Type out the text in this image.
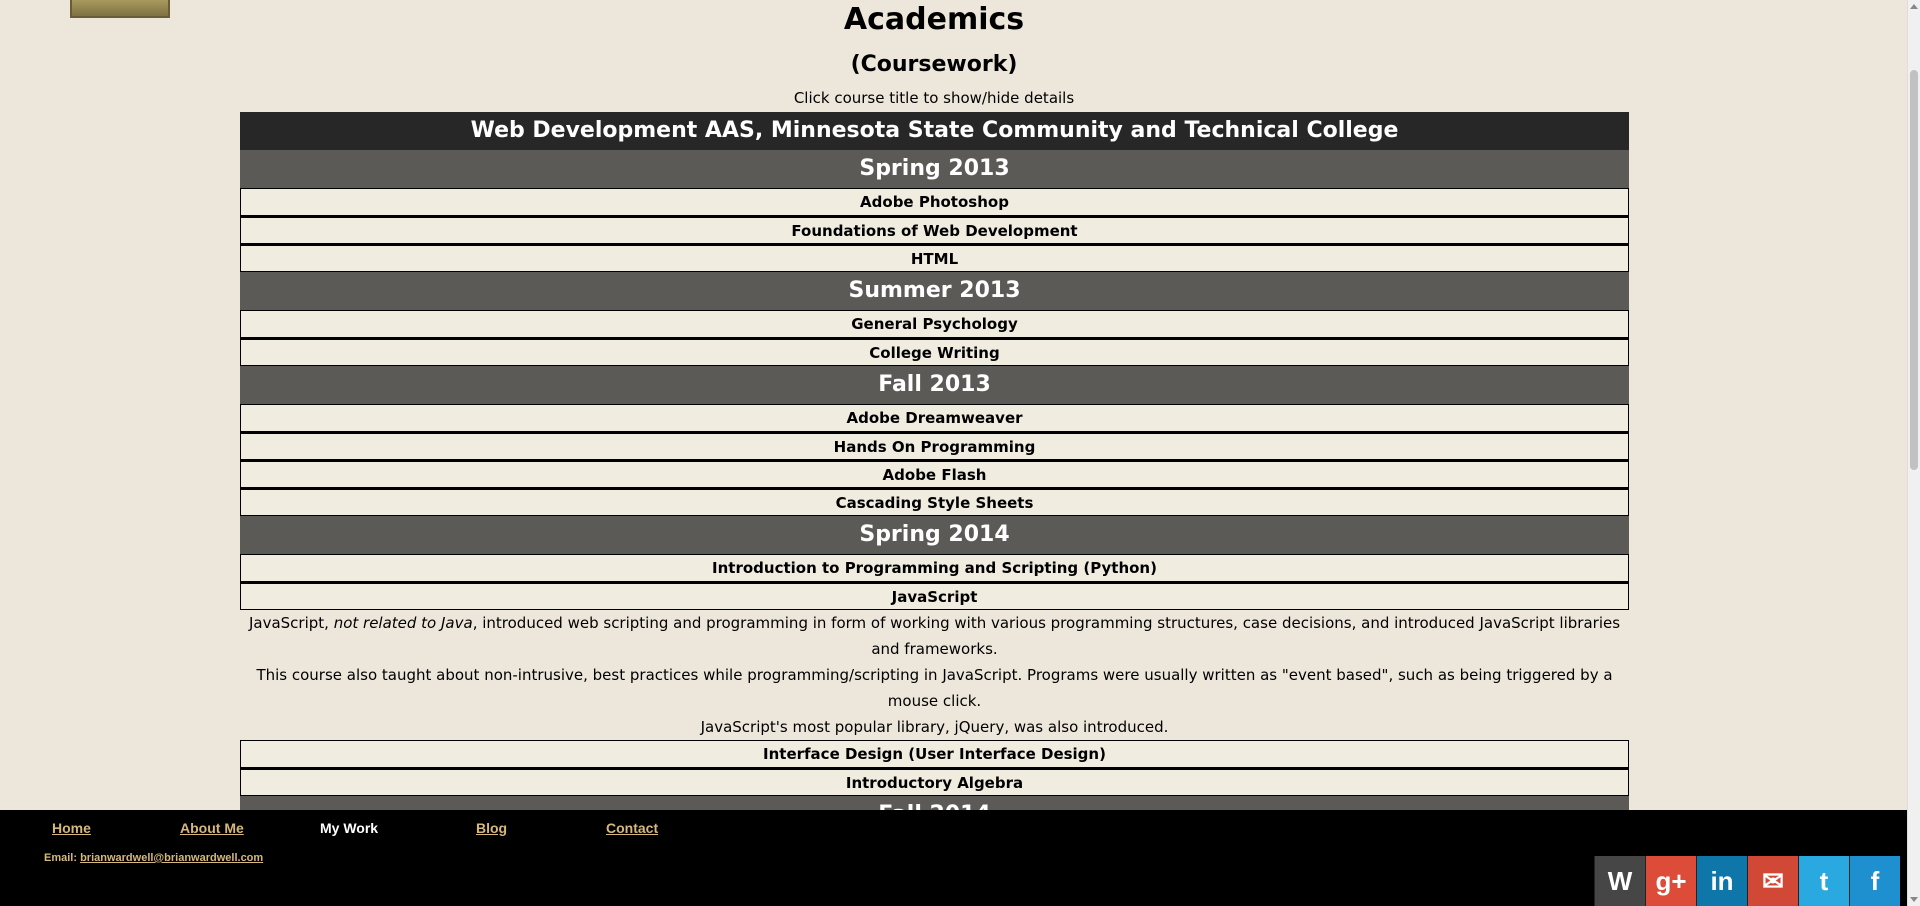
Academics
(Coursework)
Click course title to show/hide details
Web Development AAS, Minnesota State Community and Technical College
Spring 2013
Adobe Photoshop
Foundations of Web Development
HTML
Summer 2013
General Psychology
College Writing
Fall 2013
Adobe Dreamweaver
Hands On Programming
Adobe Flash
Cascading Style Sheets
Spring 2014
Introduction to Programming and Scripting (Python)
JavaScript
JavaScript, not related to Java, introduced web scripting and programming in form of working with various programming structures, case decisions, and introduced JavaScript libraries and frameworks.
This course also taught about non-intrusive, best practices while programming/scripting in JavaScript. Programs were usually written as "event based", such as being triggered by a mouse click.
JavaScript's most popular library, jQuery, was also introduced.
Interface Design (User Interface Design)
Introductory Algebra
Home	About Me	My Work	Blog	Contact
Email: brianwardwell@brianwardwell.com
W g+ in	✉	t	f
